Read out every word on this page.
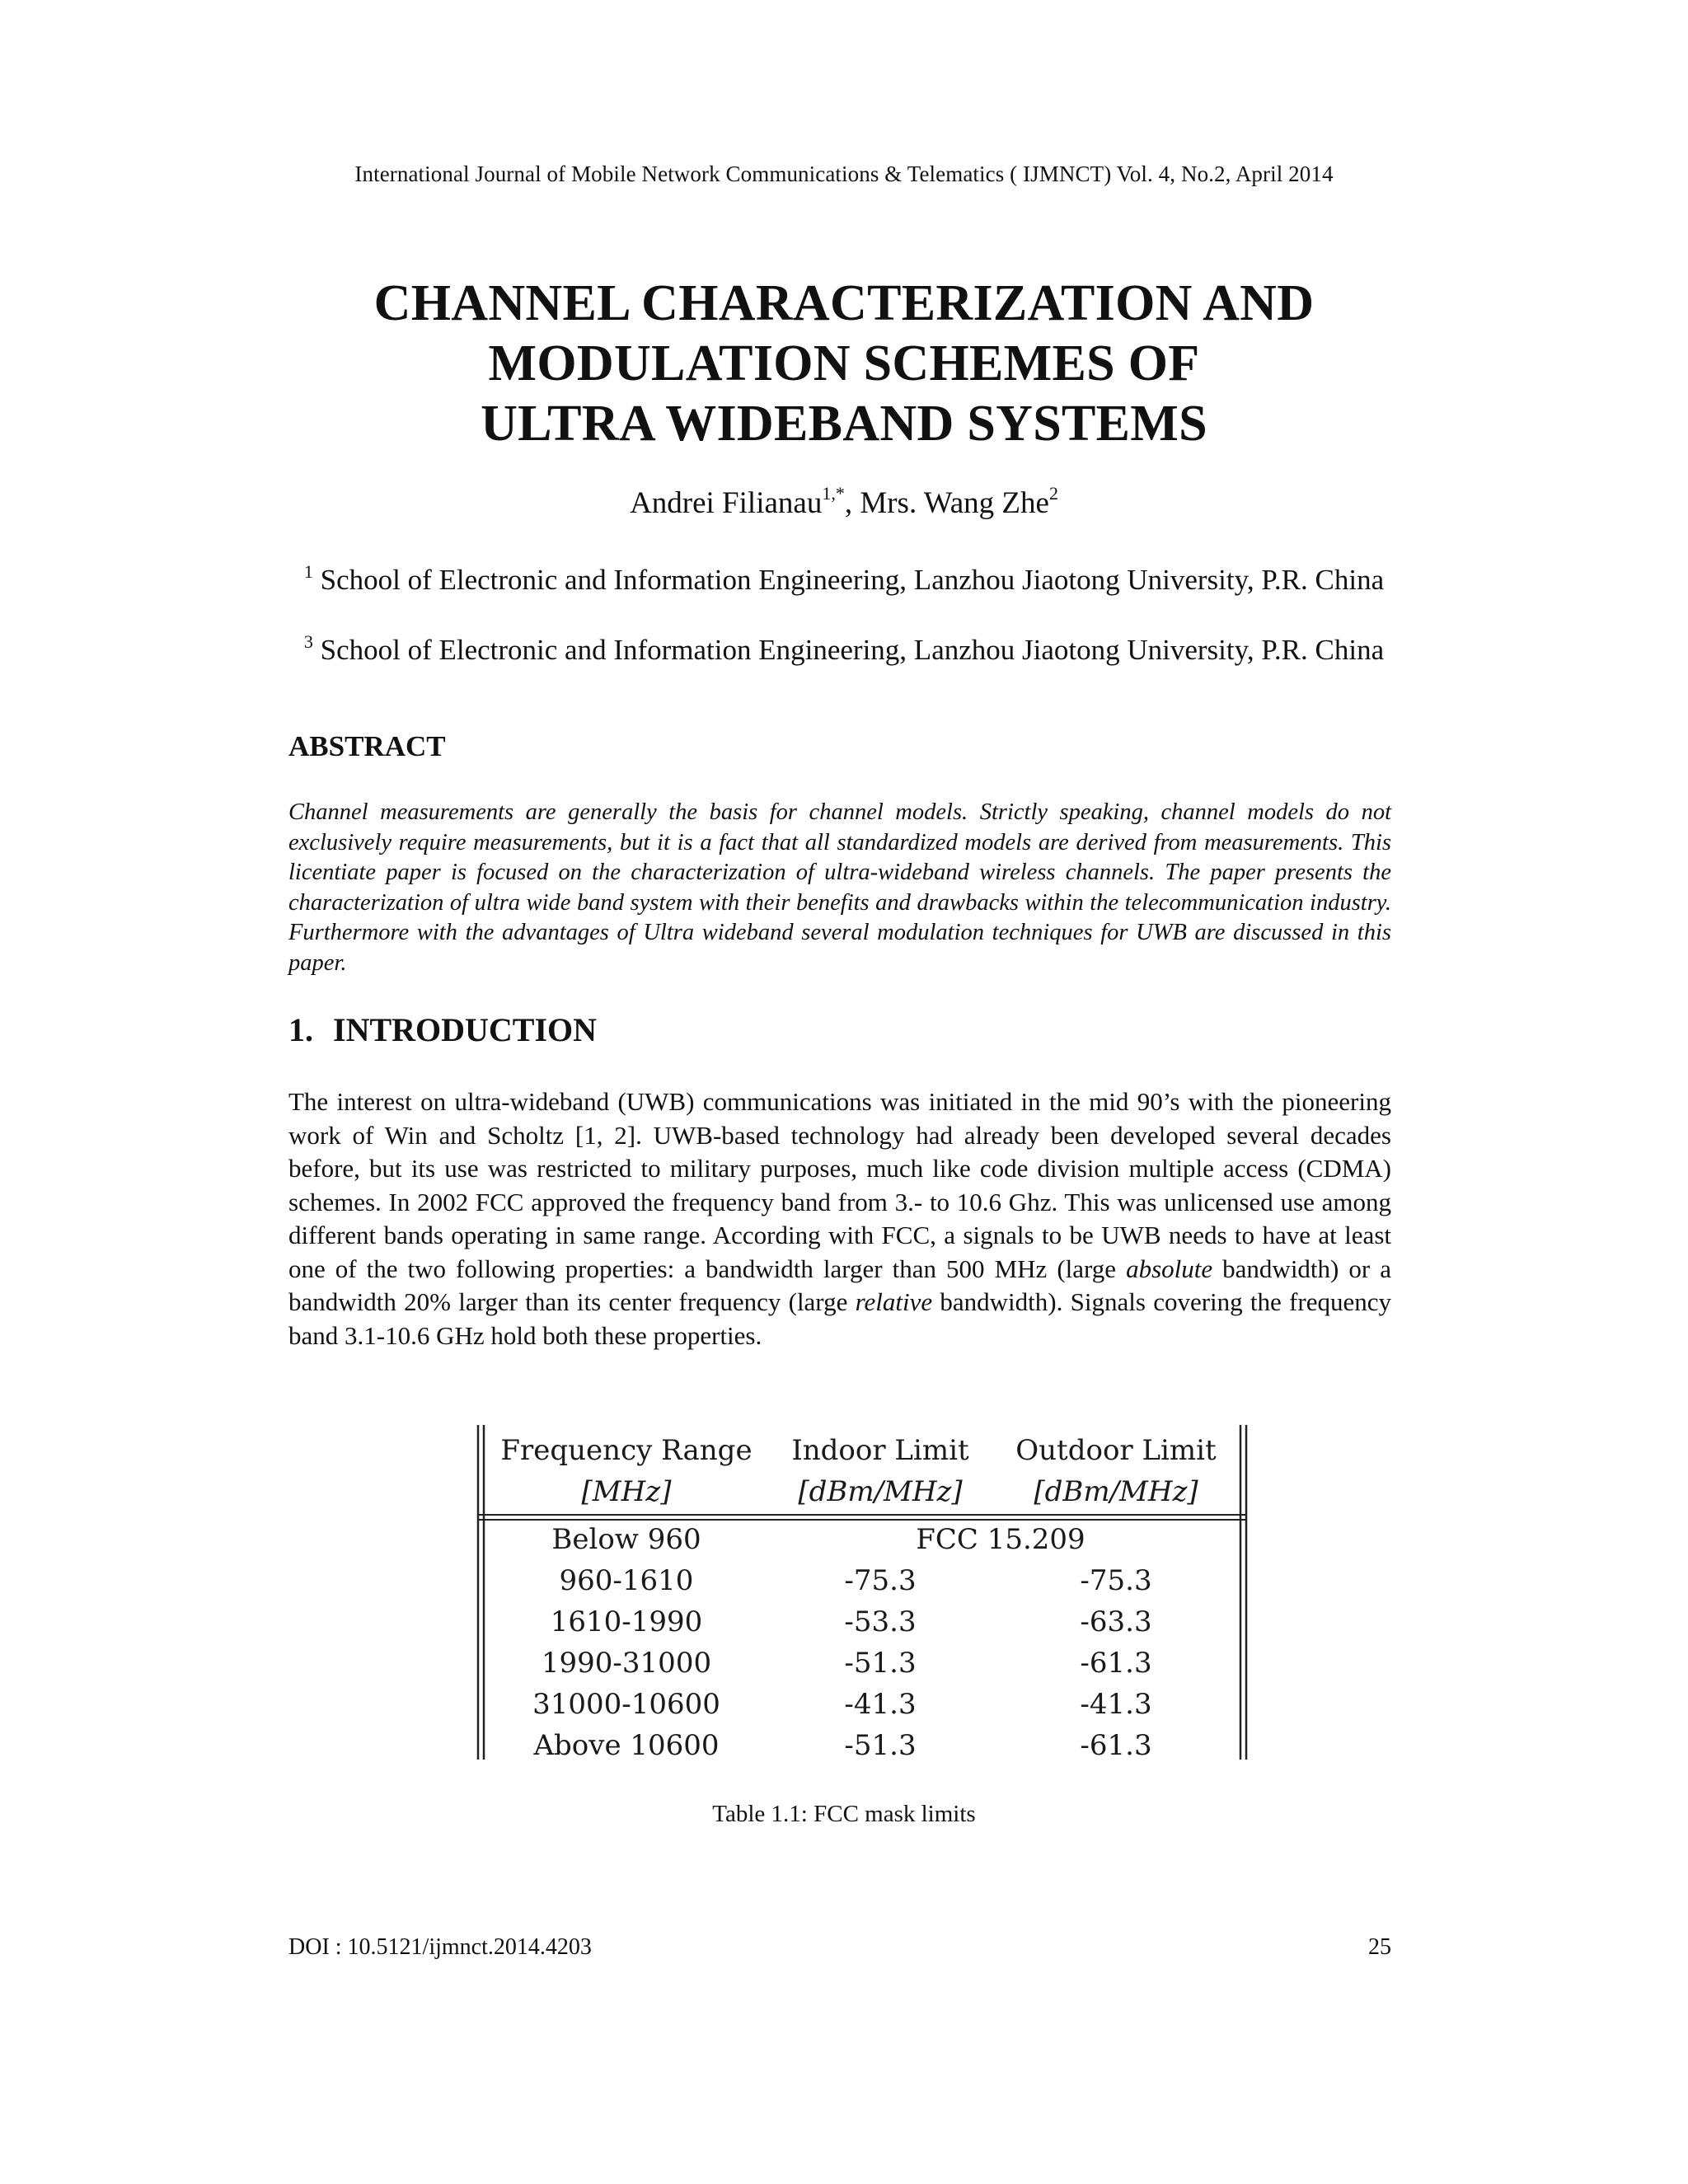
International Journal of Mobile Network Communications & Telematics ( IJMNCT) Vol. 4, No.2, April 2014
CHANNEL CHARACTERIZATION AND
MODULATION SCHEMES OF
ULTRA WIDEBAND SYSTEMS
Andrei Filianau$^{1,*}$, Mrs. Wang Zhe$^2$
$^1$ School of Electronic and Information Engineering, Lanzhou Jiaotong University, P.R. China
$^3$ School of Electronic and Information Engineering, Lanzhou Jiaotong University, P.R. China
ABSTRACT
Channel measurements are generally the basis for channel models. Strictly speaking, channel models do not exclusively require measurements, but it is a fact that all standardized models are derived from measurements. This licentiate paper is focused on the characterization of ultra-wideband wireless channels. The paper presents the characterization of ultra wide band system with their benefits and drawbacks within the telecommunication industry. Furthermore with the advantages of Ultra wideband several modulation techniques for UWB are discussed in this paper.
1. INTRODUCTION
The interest on ultra-wideband (UWB) communications was initiated in the mid 90’s with the pioneering work of Win and Scholtz [1, 2]. UWB-based technology had already been developed several decades before, but its use was restricted to military purposes, much like code division multiple access (CDMA) schemes. In 2002 FCC approved the frequency band from 3.- to 10.6 Ghz. This was unlicensed use among different bands operating in same range. According with FCC, a signals to be UWB needs to have at least one of the two following properties: a bandwidth larger than 500 MHz (large absolute bandwidth) or a bandwidth 20% larger than its center frequency (large relative bandwidth). Signals covering the frequency band 3.1-10.6 GHz hold both these properties.
Frequency Range	Indoor Limit	Outdoor Limit
[MHz]	[dBm/MHz]	[dBm/MHz]

Below 960	FCC 15.209	
960-1610	-75.3	-75.3
1610-1990	-53.3	-63.3
1990-31000	-51.3	-61.3
31000-10600	-41.3	-41.3
Above 10600	-51.3	-61.3
Table 1.1: FCC mask limits
DOI : 10.5121/ijmnct.2014.4203	25
